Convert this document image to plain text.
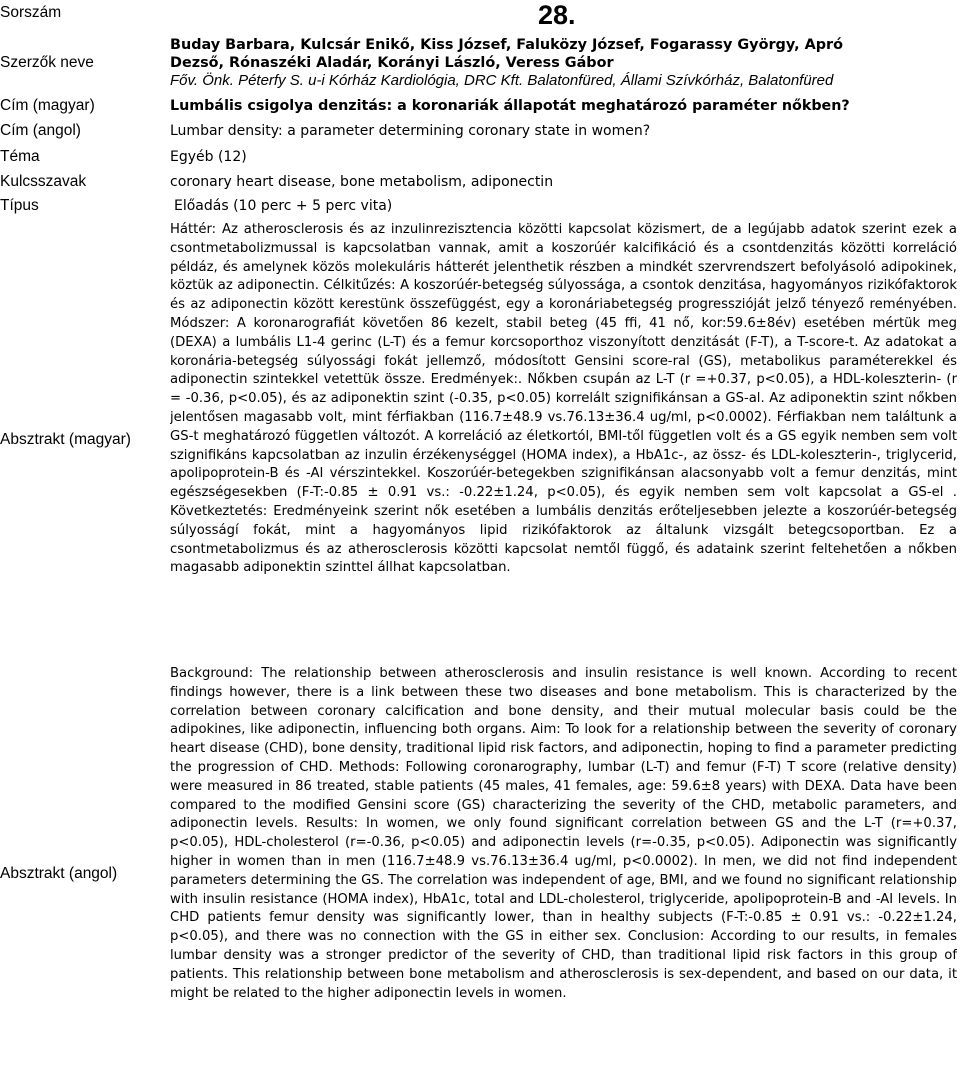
Sorszám
Szerzők neve
Cím (magyar)
Cím (angol)
Téma
Kulcsszavak
Típus
Absztrakt (magyar)
Absztrakt (angol)
28.
Buday Barbara, Kulcsár Enikő, Kiss József, Faluközy József, Fogarassy György, Apró
Dezső, Rónaszéki Aladár, Korányi László, Veress Gábor
Főv. Önk. Péterfy S. u-i Kórház Kardiológia, DRC Kft. Balatonfüred, Állami Szívkórház, Balatonfüred
Lumbális csigolya denzitás: a koronariák állapotát meghatározó paraméter nőkben?
Lumbar density: a parameter determining coronary state in women?
Egyéb (12)
coronary heart disease, bone metabolism, adiponectin
Előadás (10 perc + 5 perc vita)

Háttér: Az atherosclerosis és az inzulinrezisztencia közötti kapcsolat közismert, de a legújabb adatok szerint ezek a csontmetabolizmussal is kapcsolatban vannak, amit a koszorúér kalcifikáció és a csontdenzitás közötti korreláció példáz, és amelynek közös molekuláris hátterét jelenthetik részben a mindkét szervrendszert befolyásoló adipokinek, köztük az adiponectin. Célkitűzés: A koszorúér-betegség súlyossága, a csontok denzitása, hagyományos rizikófaktorok és az adiponectin között kerestünk összefüggést, egy a koronáriabetegség progresszióját jelző tényező reményében. Módszer: A koronarografiát követően 86 kezelt, stabil beteg (45 ffi, 41 nő, kor:59.6±8év) esetében mértük meg (DEXA) a lumbális L1-4 gerinc (L-T) és a femur korcsoporthoz viszonyított denzitását (F-T), a T-score-t. Az adatokat a koronária-betegség súlyossági fokát jellemző, módosított Gensini score-ral (GS), metabolikus paraméterekkel és adiponectin szintekkel vetettük össze. Eredmények:. Nőkben csupán az L-T (r =+0.37, p<0.05), a HDL-koleszterin- (r = -0.36, p<0.05), és az adiponektin szint (-0.35, p<0.05) korrelált szignifikánsan a GS-al. Az adiponektin szint nőkben jelentősen magasabb volt, mint férfiakban (116.7±48.9 vs.76.13±36.4 ug/ml, p<0.0002). Férfiakban nem találtunk a GS-t meghatározó független változót. A korreláció az életkortól, BMI-től független volt és a GS egyik nemben sem volt szignifikáns kapcsolatban az inzulin érzékenységgel (HOMA index), a HbA1c-, az össz- és LDL-koleszterin-, triglycerid, apolipoprotein-B és -AI vérszintekkel. Koszorúér-betegekben szignifikánsan alacsonyabb volt a femur denzitás, mint egészségesekben (F-T:-0.85 ± 0.91 vs.: -0.22±1.24, p<0.05), és egyik nemben sem volt kapcsolat a GS-el . Következtetés: Eredményeink szerint nők esetében a lumbális denzitás erőteljesebben jelezte a koszorúér-betegség súlyosságí fokát, mint a hagyományos lipid rizikófaktorok az általunk vizsgált betegcsoportban. Ez a csontmetabolizmus és az atherosclerosis közötti kapcsolat nemtől függő, és adataink szerint feltehetően a nőkben magasabb adiponektin szinttel állhat kapcsolatban.

Background: The relationship between atherosclerosis and insulin resistance is well known. According to recent findings however, there is a link between these two diseases and bone metabolism. This is characterized by the correlation between coronary calcification and bone density, and their mutual molecular basis could be the adipokines, like adiponectin, influencing both organs. Aim: To look for a relationship between the severity of coronary heart disease (CHD), bone density, traditional lipid risk factors, and adiponectin, hoping to find a parameter predicting the progression of CHD. Methods: Following coronarography, lumbar (L-T) and femur (F-T) T score (relative density) were measured in 86 treated, stable patients (45 males, 41 females, age: 59.6±8 years) with DEXA. Data have been compared to the modified Gensini score (GS) characterizing the severity of the CHD, metabolic parameters, and adiponectin levels. Results: In women, we only found significant correlation between GS and the L-T (r=+0.37, p<0.05), HDL-cholesterol (r=-0.36, p<0.05) and adiponectin levels (r=-0.35, p<0.05). Adiponectin was significantly higher in women than in men (116.7±48.9 vs.76.13±36.4 ug/ml, p<0.0002). In men, we did not find independent parameters determining the GS. The correlation was independent of age, BMI, and we found no significant relationship with insulin resistance (HOMA index), HbA1c, total and LDL-cholesterol, triglyceride, apolipoprotein-B and -AI levels. In CHD patients femur density was significantly lower, than in healthy subjects (F-T:-0.85 ± 0.91 vs.: -0.22±1.24, p<0.05), and there was no connection with the GS in either sex. Conclusion: According to our results, in females lumbar density was a stronger predictor of the severity of CHD, than traditional lipid risk factors in this group of patients. This relationship between bone metabolism and atherosclerosis is sex-dependent, and based on our data, it might be related to the higher adiponectin levels in women.
